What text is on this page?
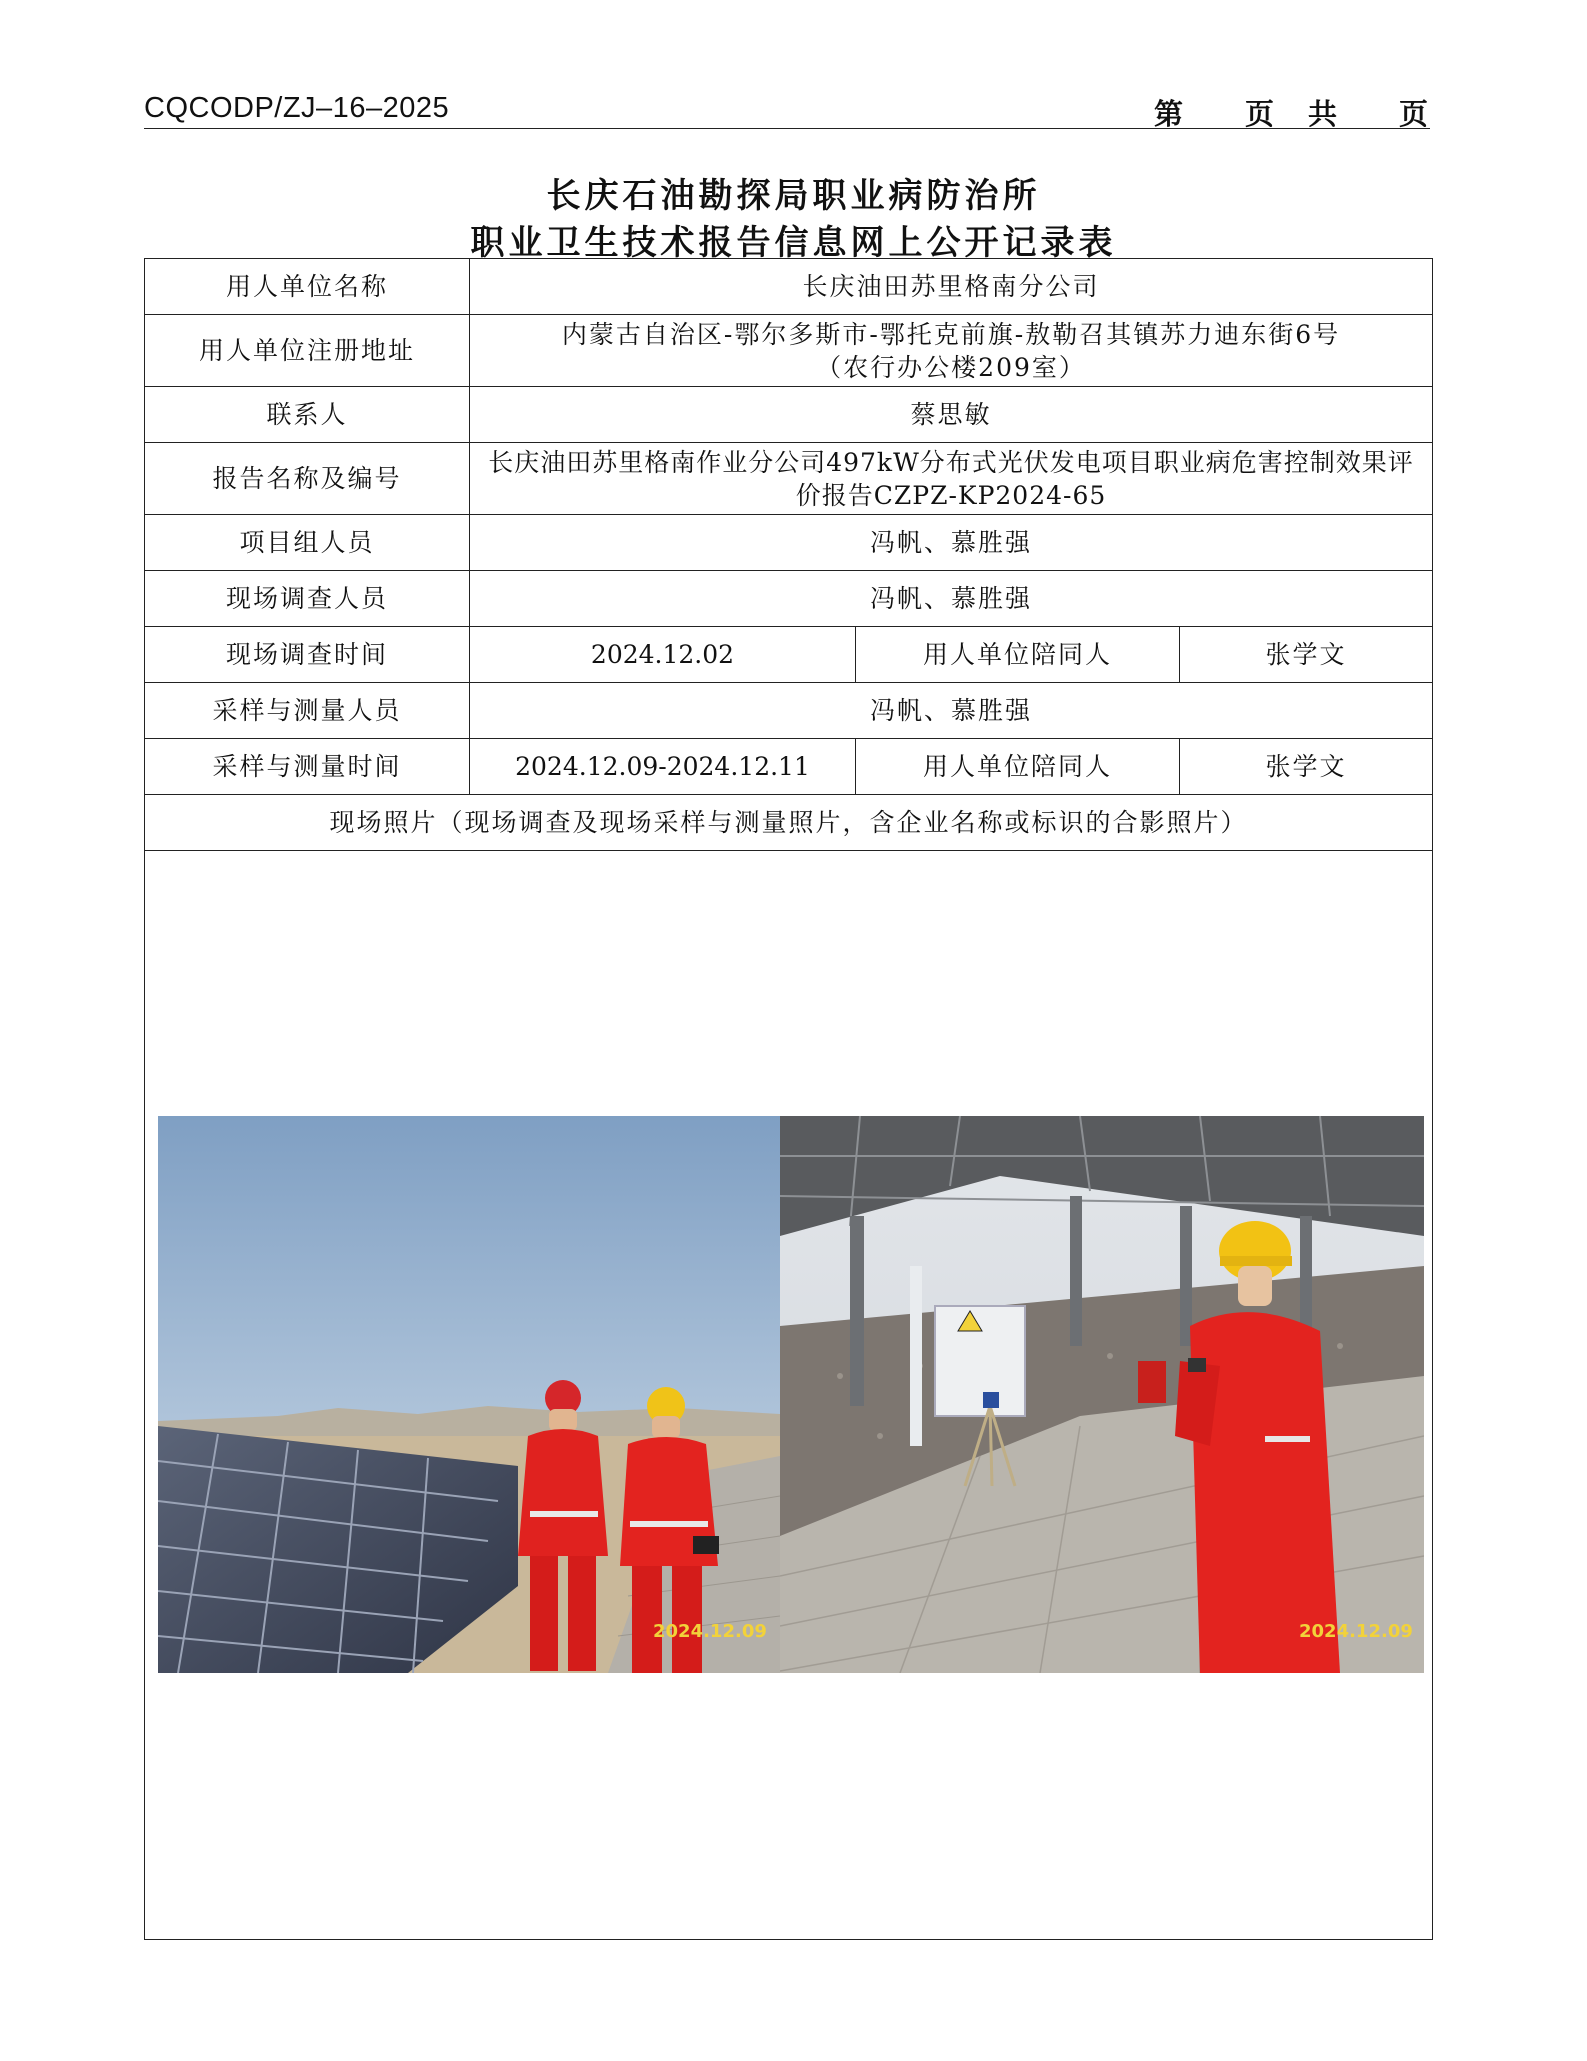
CQCODP/ZJ–16–2025	第 页 共 页
长庆石油勘探局职业病防治所
职业卫生技术报告信息网上公开记录表
用人单位名称	长庆油田苏里格南分公司		
用人单位注册地址	内蒙古自治区-鄂尔多斯市-鄂托克前旗-敖勒召其镇苏力迪东街6号
（农行办公楼209室）		

联系人	蔡思敏		
报告名称及编号	长庆油田苏里格南作业分公司497kW分布式光伏发电项目职业病危害控制效果评
价报告CZPZ-KP2024-65		

项目组人员	冯帆、慕胜强		
现场调查人员	冯帆、慕胜强		
现场调查时间	2024.12.02	用人单位陪同人	张学文
采样与测量人员	冯帆、慕胜强		
采样与测量时间	2024.12.09-2024.12.11	用人单位陪同人	张学文
现场照片（现场调查及现场采样与测量照片，含企业名称或标识的合影照片）			

2024.12.09 2024.12.09			
